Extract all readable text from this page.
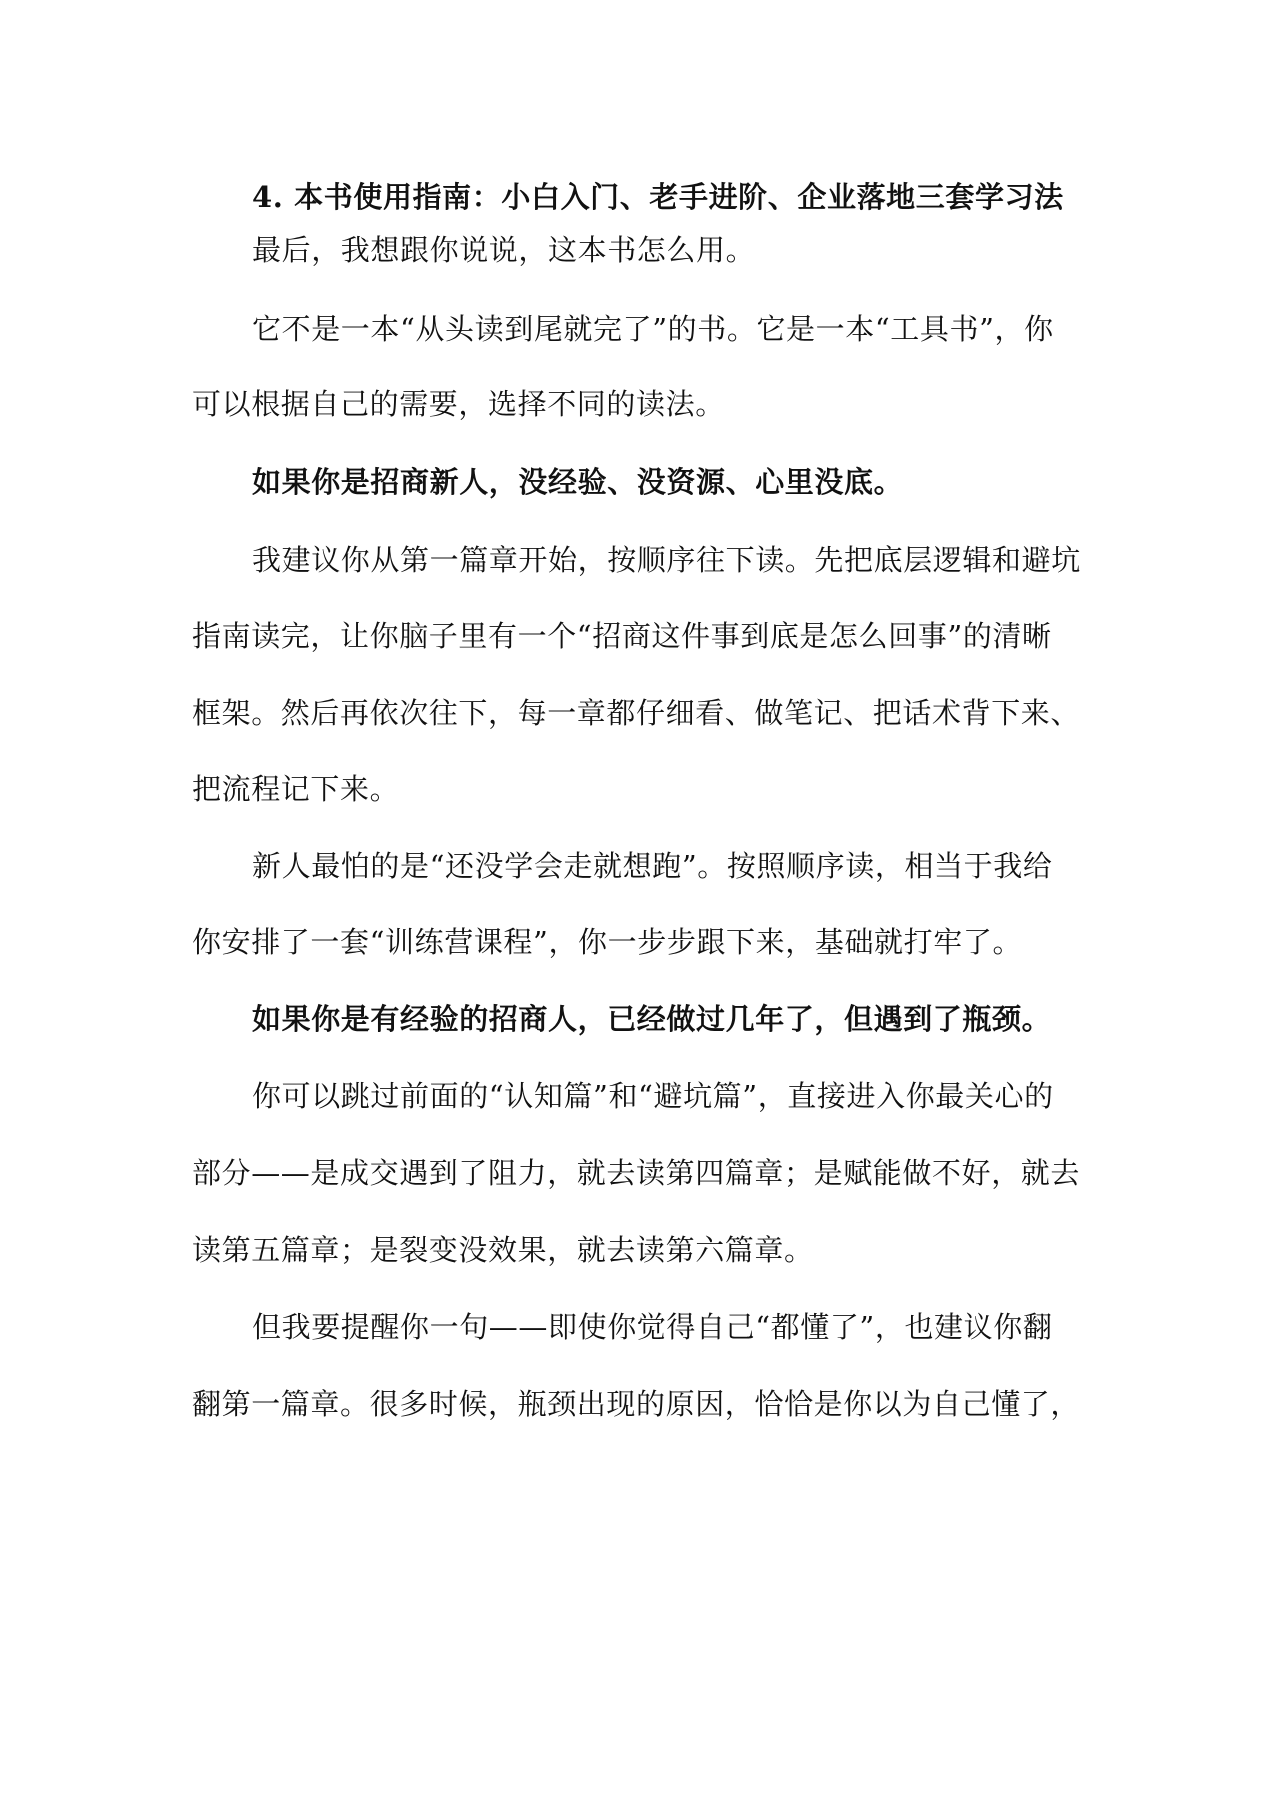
4. 本书使用指南：小白入门、老手进阶、企业落地三套学习法
最后，我想跟你说说，这本书怎么用。
它不是一本“从头读到尾就完了”的书。它是一本“工具书”，你
可以根据自己的需要，选择不同的读法。
如果你是招商新人，没经验、没资源、心里没底。
我建议你从第一篇章开始，按顺序往下读。先把底层逻辑和避坑
指南读完，让你脑子里有一个“招商这件事到底是怎么回事”的清晰
框架。然后再依次往下，每一章都仔细看、做笔记、把话术背下来、
把流程记下来。
新人最怕的是“还没学会走就想跑”。按照顺序读，相当于我给
你安排了一套“训练营课程”，你一步步跟下来，基础就打牢了。
如果你是有经验的招商人，已经做过几年了，但遇到了瓶颈。
你可以跳过前面的“认知篇”和“避坑篇”，直接进入你最关心的
部分——是成交遇到了阻力，就去读第四篇章；是赋能做不好，就去
读第五篇章；是裂变没效果，就去读第六篇章。
但我要提醒你一句——即使你觉得自己“都懂了”，也建议你翻
翻第一篇章。很多时候，瓶颈出现的原因，恰恰是你以为自己懂了，
